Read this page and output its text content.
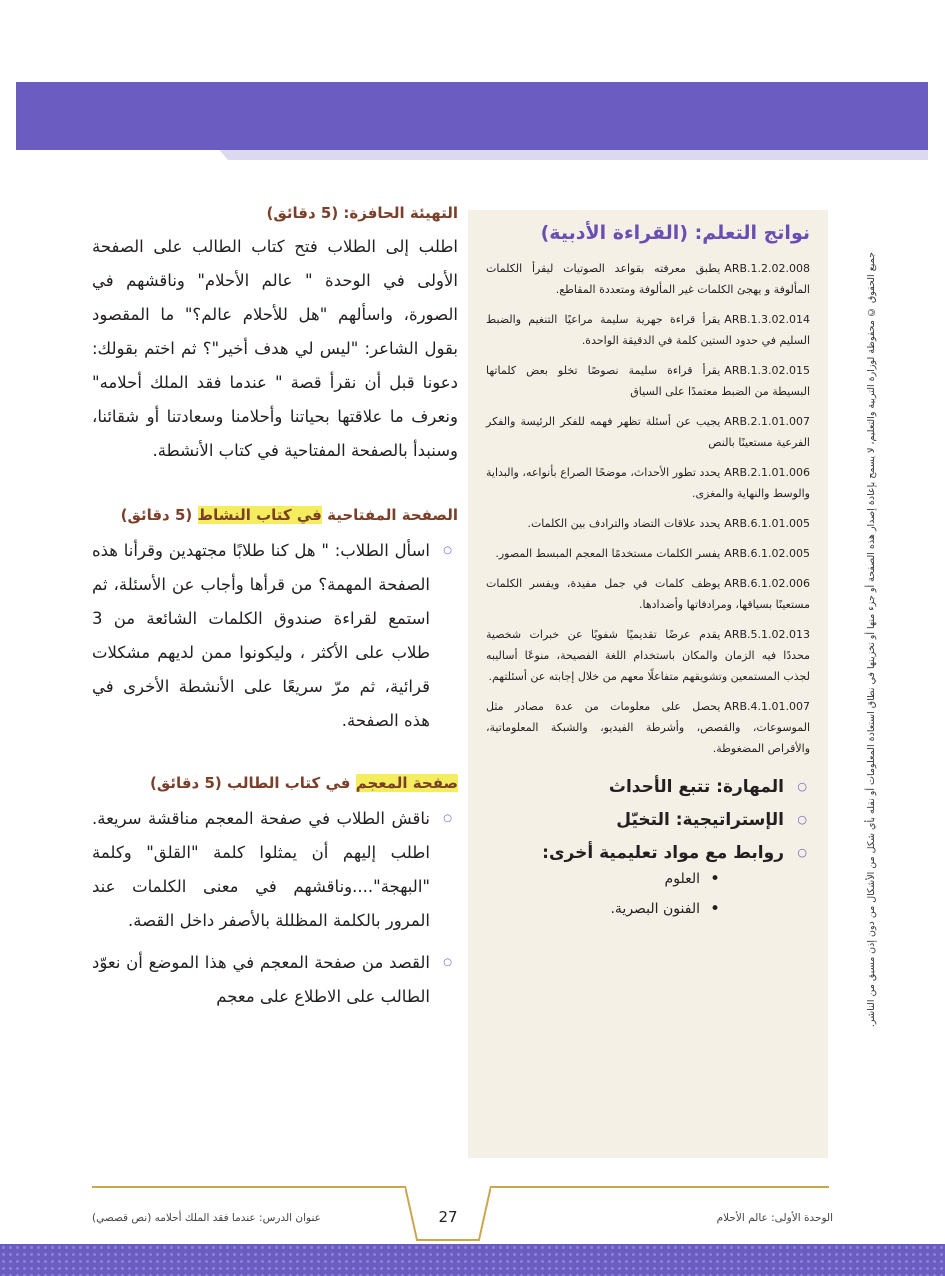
جميع الحقوق © محفوظة لوزارة التربية والتعليم، لا يسمح بإعادة إصدار هذه الصفحة أو جزء منها أو تخزينها في نطاق استعادة المعلومات أو نقله بأي شكل من الأشكال من دون إذن مسبق من الناشر.
نواتج التعلم: (القراءة الأدبية)

ARB.1.2.02.008يطبق معرفته بقواعد الصوتيات ليقرأ الكلمات المألوفة و يهجئ الكلمات غير المألوفة ومتعددة المقاطع.

ARB.1.3.02.014يقرأ قراءة جهرية سليمة مراعيًا التنغيم والضبط السليم في حدود الستين كلمة في الدقيقة الواحدة.

ARB.1.3.02.015يقرأ قراءة سليمة نصوصًا تخلو بعض كلماتها البسيطة من الضبط معتمدًا على السياق

ARB.2.1.01.007يجيب عن أسئلة تظهر فهمه للفكر الرئيسة والفكر الفرعية مستعينًا بالنص

ARB.2.1.01.006يحدد تطور الأحداث، موضحًا الصراع بأنواعه، والبداية والوسط والنهاية والمغزى.

ARB.6.1.01.005يحدد علاقات التضاد والترادف بين الكلمات.

ARB.6.1.02.005يفسر الكلمات مستخدمًا المعجم المبسط المصور.

ARB.6.1.02.006يوظف كلمات في جمل مفيدة، ويفسر الكلمات مستعينًا بسياقها، ومرادفاتها وأضدادها.

ARB.5.1.02.013يقدم عرضًا تقديميًا شفويًا عن خبرات شخصية محددًا فيه الزمان والمكان باستخدام اللغة الفصيحة، منوعًا أساليبه لجذب المستمعين وتشويقهم متفاعلًا معهم من خلال إجابته عن أسئلتهم.

ARB.4.1.01.007يحصل على معلومات من عدة مصادر مثل الموسوعات، والقصص، وأشرطة الفيديو، والشبكة المعلوماتية، والأقراص المضغوطة.

○ المهارة: تتبع الأحداث
○ الإستراتيجية: التخيّل
○ روابط مع مواد تعليمية أخرى:
• العلوم
• الفنون البصرية.
التهيئة الحافزة: (5 دقائق)

اطلب إلى الطلاب فتح كتاب الطالب على الصفحة الأولى في الوحدة " عالم الأحلام" وناقشهم في الصورة، واسألهم "هل للأحلام عالم؟" ما المقصود بقول الشاعر: "ليس لي هدف أخير"؟ ثم اختم بقولك: دعونا قبل أن نقرأ قصة " عندما فقد الملك أحلامه" ونعرف ما علاقتها بحياتنا وأحلامنا وسعادتنا أو شقائنا، وسنبدأ بالصفحة المفتاحية في كتاب الأنشطة.

الصفحة المفتاحية في كتاب النشاط (5 دقائق)
○ اسأل الطلاب: " هل كنا طلابًا مجتهدين وقرأنا هذه الصفحة المهمة؟ من قرأها وأجاب عن الأسئلة، ثم استمع لقراءة صندوق الكلمات الشائعة من 3 طلاب على الأكثر ، وليكونوا ممن لديهم مشكلات قرائية، ثم مرّ سريعًا على الأنشطة الأخرى في هذه الصفحة.
صفحة المعجم في كتاب الطالب (5 دقائق)
○ ناقش الطلاب في صفحة المعجم مناقشة سريعة. اطلب إليهم أن يمثلوا كلمة "القلق" وكلمة "البهجة"....وناقشهم في معنى الكلمات عند المرور بالكلمة المظللة بالأصفر داخل القصة.
○ القصد من صفحة المعجم في هذا الموضع أن نعوّد الطالب على الاطلاع على معجم
27	الوحدة الأولى: عالم الأحلام
عنوان الدرس: عندما فقد الملك أحلامه (نص قصصي)
